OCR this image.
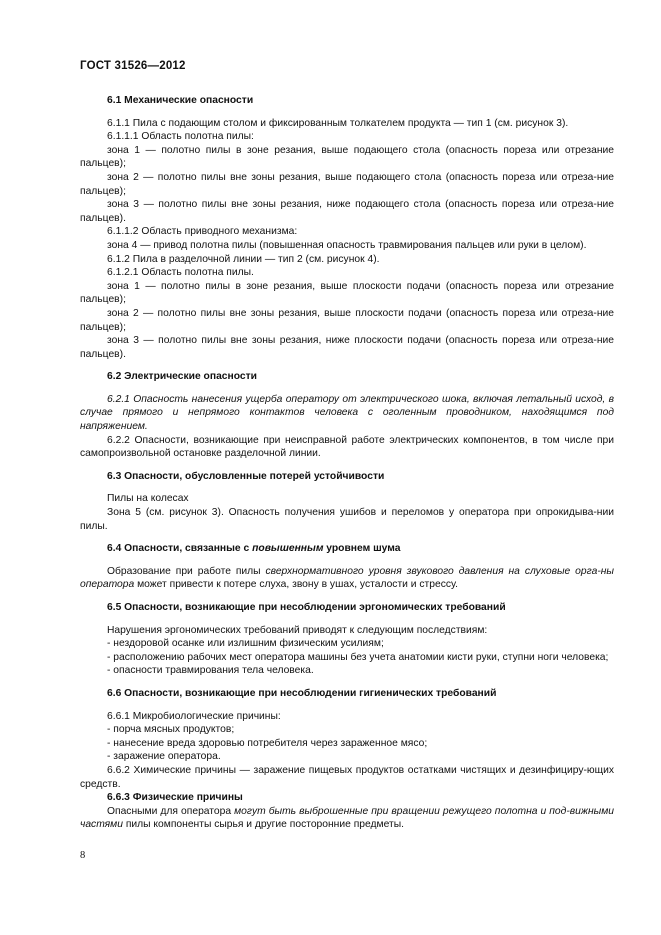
ГОСТ 31526—2012

6.1 Механические опасности

6.1.1 Пила с подающим столом и фиксированным толкателем продукта — тип 1 (см. рисунок 3).

6.1.1.1 Область полотна пилы:

зона 1 — полотно пилы в зоне резания, выше подающего стола (опасность пореза или отрезание пальцев);

зона 2 — полотно пилы вне зоны резания, выше подающего стола (опасность пореза или отреза-ние пальцев);

зона 3 — полотно пилы вне зоны резания, ниже подающего стола (опасность пореза или отреза-ние пальцев).

6.1.1.2 Область приводного механизма:

зона 4 — привод полотна пилы (повышенная опасность травмирования пальцев или руки в целом).

6.1.2 Пила в разделочной линии — тип 2 (см. рисунок 4).

6.1.2.1 Область полотна пилы.

зона 1 — полотно пилы в зоне резания, выше плоскости подачи (опасность пореза или отрезание пальцев);

зона 2 — полотно пилы вне зоны резания, выше плоскости подачи (опасность пореза или отреза-ние пальцев);

зона 3 — полотно пилы вне зоны резания, ниже плоскости подачи (опасность пореза или отреза-ние пальцев).

6.2 Электрические опасности

6.2.1 Опасность нанесения ущерба оператору от электрического шока, включая летальный исход, в случае прямого и непрямого контактов человека с оголенным проводником, находящимся под напряжением.

6.2.2 Опасности, возникающие при неисправной работе электрических компонентов, в том числе при самопроизвольной остановке разделочной линии.

6.3 Опасности, обусловленные потерей устойчивости

Пилы на колесах

Зона 5 (см. рисунок 3). Опасность получения ушибов и переломов у оператора при опрокидыва-нии пилы.

6.4 Опасности, связанные с повышенным уровнем шума

Образование при работе пилы сверхнормативного уровня звукового давления на слуховые орга-ны оператора может привести к потере слуха, звону в ушах, усталости и стрессу.

6.5 Опасности, возникающие при несоблюдении эргономических требований

Нарушения эргономических требований приводят к следующим последствиям:

- нездоровой осанке или излишним физическим усилиям;

- расположению рабочих мест оператора машины без учета анатомии кисти руки, ступни ноги человека;

- опасности травмирования тела человека.

6.6 Опасности, возникающие при несоблюдении гигиенических требований

6.6.1 Микробиологические причины:

- порча мясных продуктов;

- нанесение вреда здоровью потребителя через зараженное мясо;

- заражение оператора.

6.6.2 Химические причины — заражение пищевых продуктов остатками чистящих и дезинфициру-ющих средств.

6.6.3 Физические причины

Опасными для оператора могут быть выброшенные при вращении режущего полотна и под-вижными частями пилы компоненты сырья и другие посторонние предметы.

8
